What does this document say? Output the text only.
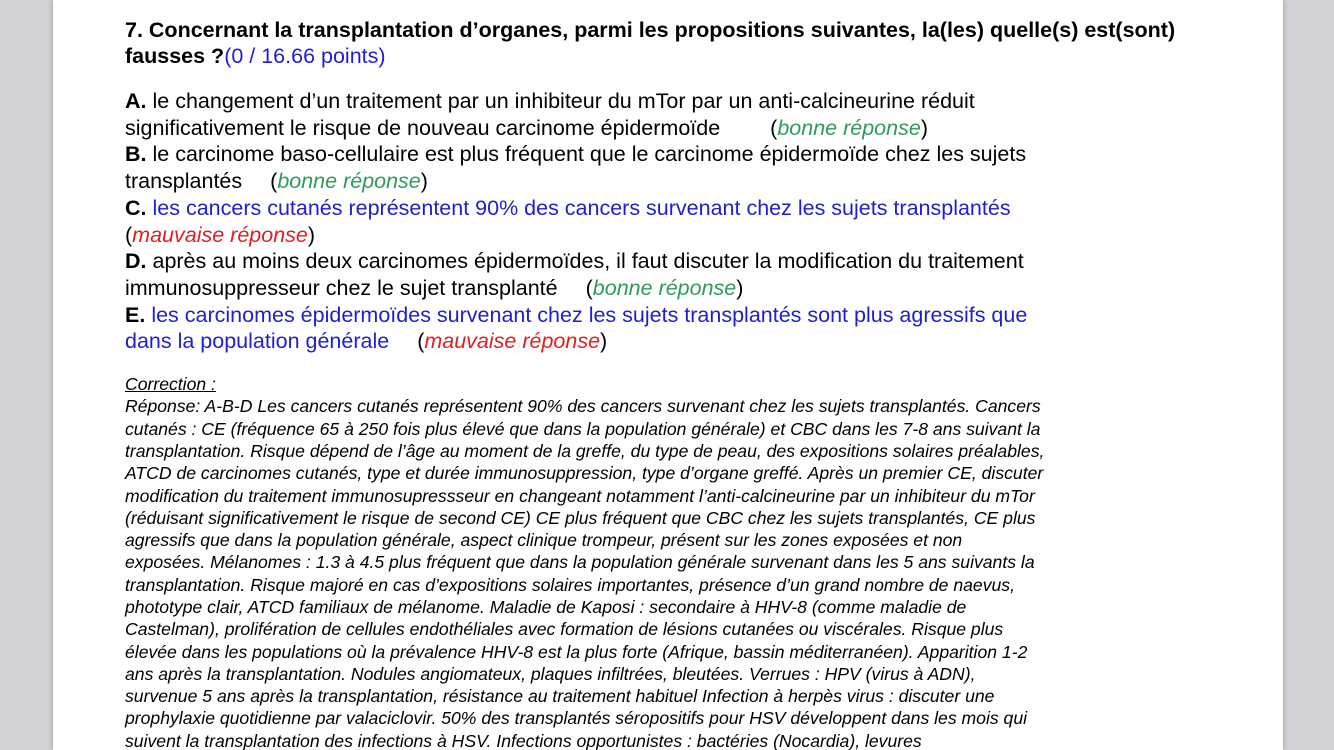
7. Concernant la transplantation d’organes, parmi les propositions suivantes, la(les) quelle(s) est(sont) fausses ?(0 / 16.66 points)

A. le changement d’un traitement par un inhibiteur du mTor par un anti-calcineurine réduit
significativement le risque de nouveau carcinome épidermoïde (bonne réponse)

B. le carcinome baso-cellulaire est plus fréquent que le carcinome épidermoïde chez les sujets
transplantés (bonne réponse)

C. les cancers cutanés représentent 90% des cancers survenant chez les sujets transplantés
(mauvaise réponse)

D. après au moins deux carcinomes épidermoïdes, il faut discuter la modification du traitement
immunosuppresseur chez le sujet transplanté (bonne réponse)

E. les carcinomes épidermoïdes survenant chez les sujets transplantés sont plus agressifs que
dans la population générale (mauvaise réponse)

Correction :

Réponse: A-B-D Les cancers cutanés représentent 90% des cancers survenant chez les sujets transplantés. Cancers
cutanés : CE (fréquence 65 à 250 fois plus élevé que dans la population générale) et CBC dans les 7-8 ans suivant la
transplantation. Risque dépend de l’âge au moment de la greffe, du type de peau, des expositions solaires préalables,
ATCD de carcinomes cutanés, type et durée immunosuppression, type d’organe greffé. Après un premier CE, discuter
modification du traitement immunosupressseur en changeant notamment l’anti-calcineurine par un inhibiteur du mTor
(réduisant significativement le risque de second CE) CE plus fréquent que CBC chez les sujets transplantés, CE plus
agressifs que dans la population générale, aspect clinique trompeur, présent sur les zones exposées et non
exposées. Mélanomes : 1.3 à 4.5 plus fréquent que dans la population générale survenant dans les 5 ans suivants la
transplantation. Risque majoré en cas d’expositions solaires importantes, présence d’un grand nombre de naevus,
phototype clair, ATCD familiaux de mélanome. Maladie de Kaposi : secondaire à HHV-8 (comme maladie de
Castelman), prolifération de cellules endothéliales avec formation de lésions cutanées ou viscérales. Risque plus
élevée dans les populations où la prévalence HHV-8 est la plus forte (Afrique, bassin méditerranéen). Apparition 1-2
ans après la transplantation. Nodules angiomateux, plaques infiltrées, bleutées. Verrues : HPV (virus à ADN),
survenue 5 ans après la transplantation, résistance au traitement habituel Infection à herpès virus : discuter une
prophylaxie quotidienne par valaciclovir. 50% des transplantés séropositifs pour HSV développent dans les mois qui
suivent la transplantation des infections à HSV. Infections opportunistes : bactéries (Nocardia), levures
